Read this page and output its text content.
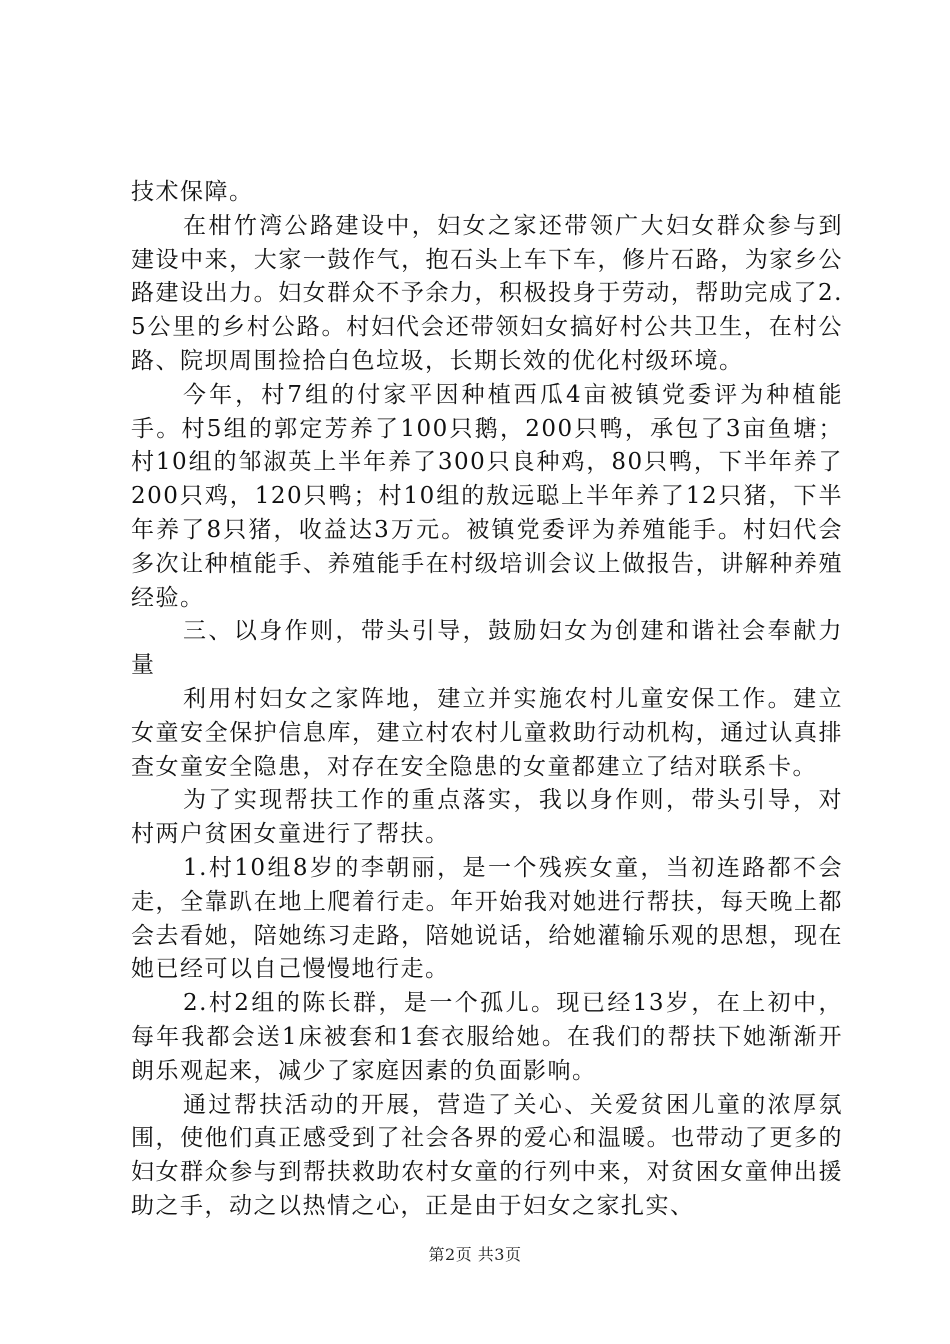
技术保障。

在柑竹湾公路建设中，妇女之家还带领广大妇女群众参与到建设中来，大家一鼓作气，抱石头上车下车，修片石路，为家乡公路建设出力。妇女群众不予余力，积极投身于劳动，帮助完成了2.5公里的乡村公路。村妇代会还带领妇女搞好村公共卫生，在村公路、院坝周围捡拾白色垃圾，长期长效的优化村级环境。

今年，村7组的付家平因种植西瓜4亩被镇党委评为种植能手。村5组的郭定芳养了100只鹅，200只鸭，承包了3亩鱼塘；村10组的邹淑英上半年养了300只良种鸡，80只鸭，下半年养了200只鸡，120只鸭；村10组的敖远聪上半年养了12只猪，下半年养了8只猪，收益达3万元。被镇党委评为养殖能手。村妇代会多次让种植能手、养殖能手在村级培训会议上做报告，讲解种养殖经验。

三、以身作则，带头引导，鼓励妇女为创建和谐社会奉献力量

利用村妇女之家阵地，建立并实施农村儿童安保工作。建立女童安全保护信息库，建立村农村儿童救助行动机构，通过认真排查女童安全隐患，对存在安全隐患的女童都建立了结对联系卡。

为了实现帮扶工作的重点落实，我以身作则，带头引导，对村两户贫困女童进行了帮扶。

1.村10组8岁的李朝丽，是一个残疾女童，当初连路都不会走，全靠趴在地上爬着行走。年开始我对她进行帮扶，每天晚上都会去看她，陪她练习走路，陪她说话，给她灌输乐观的思想，现在她已经可以自己慢慢地行走。

2.村2组的陈长群，是一个孤儿。现已经13岁，在上初中，每年我都会送1床被套和1套衣服给她。在我们的帮扶下她渐渐开朗乐观起来，减少了家庭因素的负面影响。

通过帮扶活动的开展，营造了关心、关爱贫困儿童的浓厚氛围，使他们真正感受到了社会各界的爱心和温暖。也带动了更多的妇女群众参与到帮扶救助农村女童的行列中来，对贫困女童伸出援助之手，动之以热情之心，正是由于妇女之家扎实、

第2页 共3页
